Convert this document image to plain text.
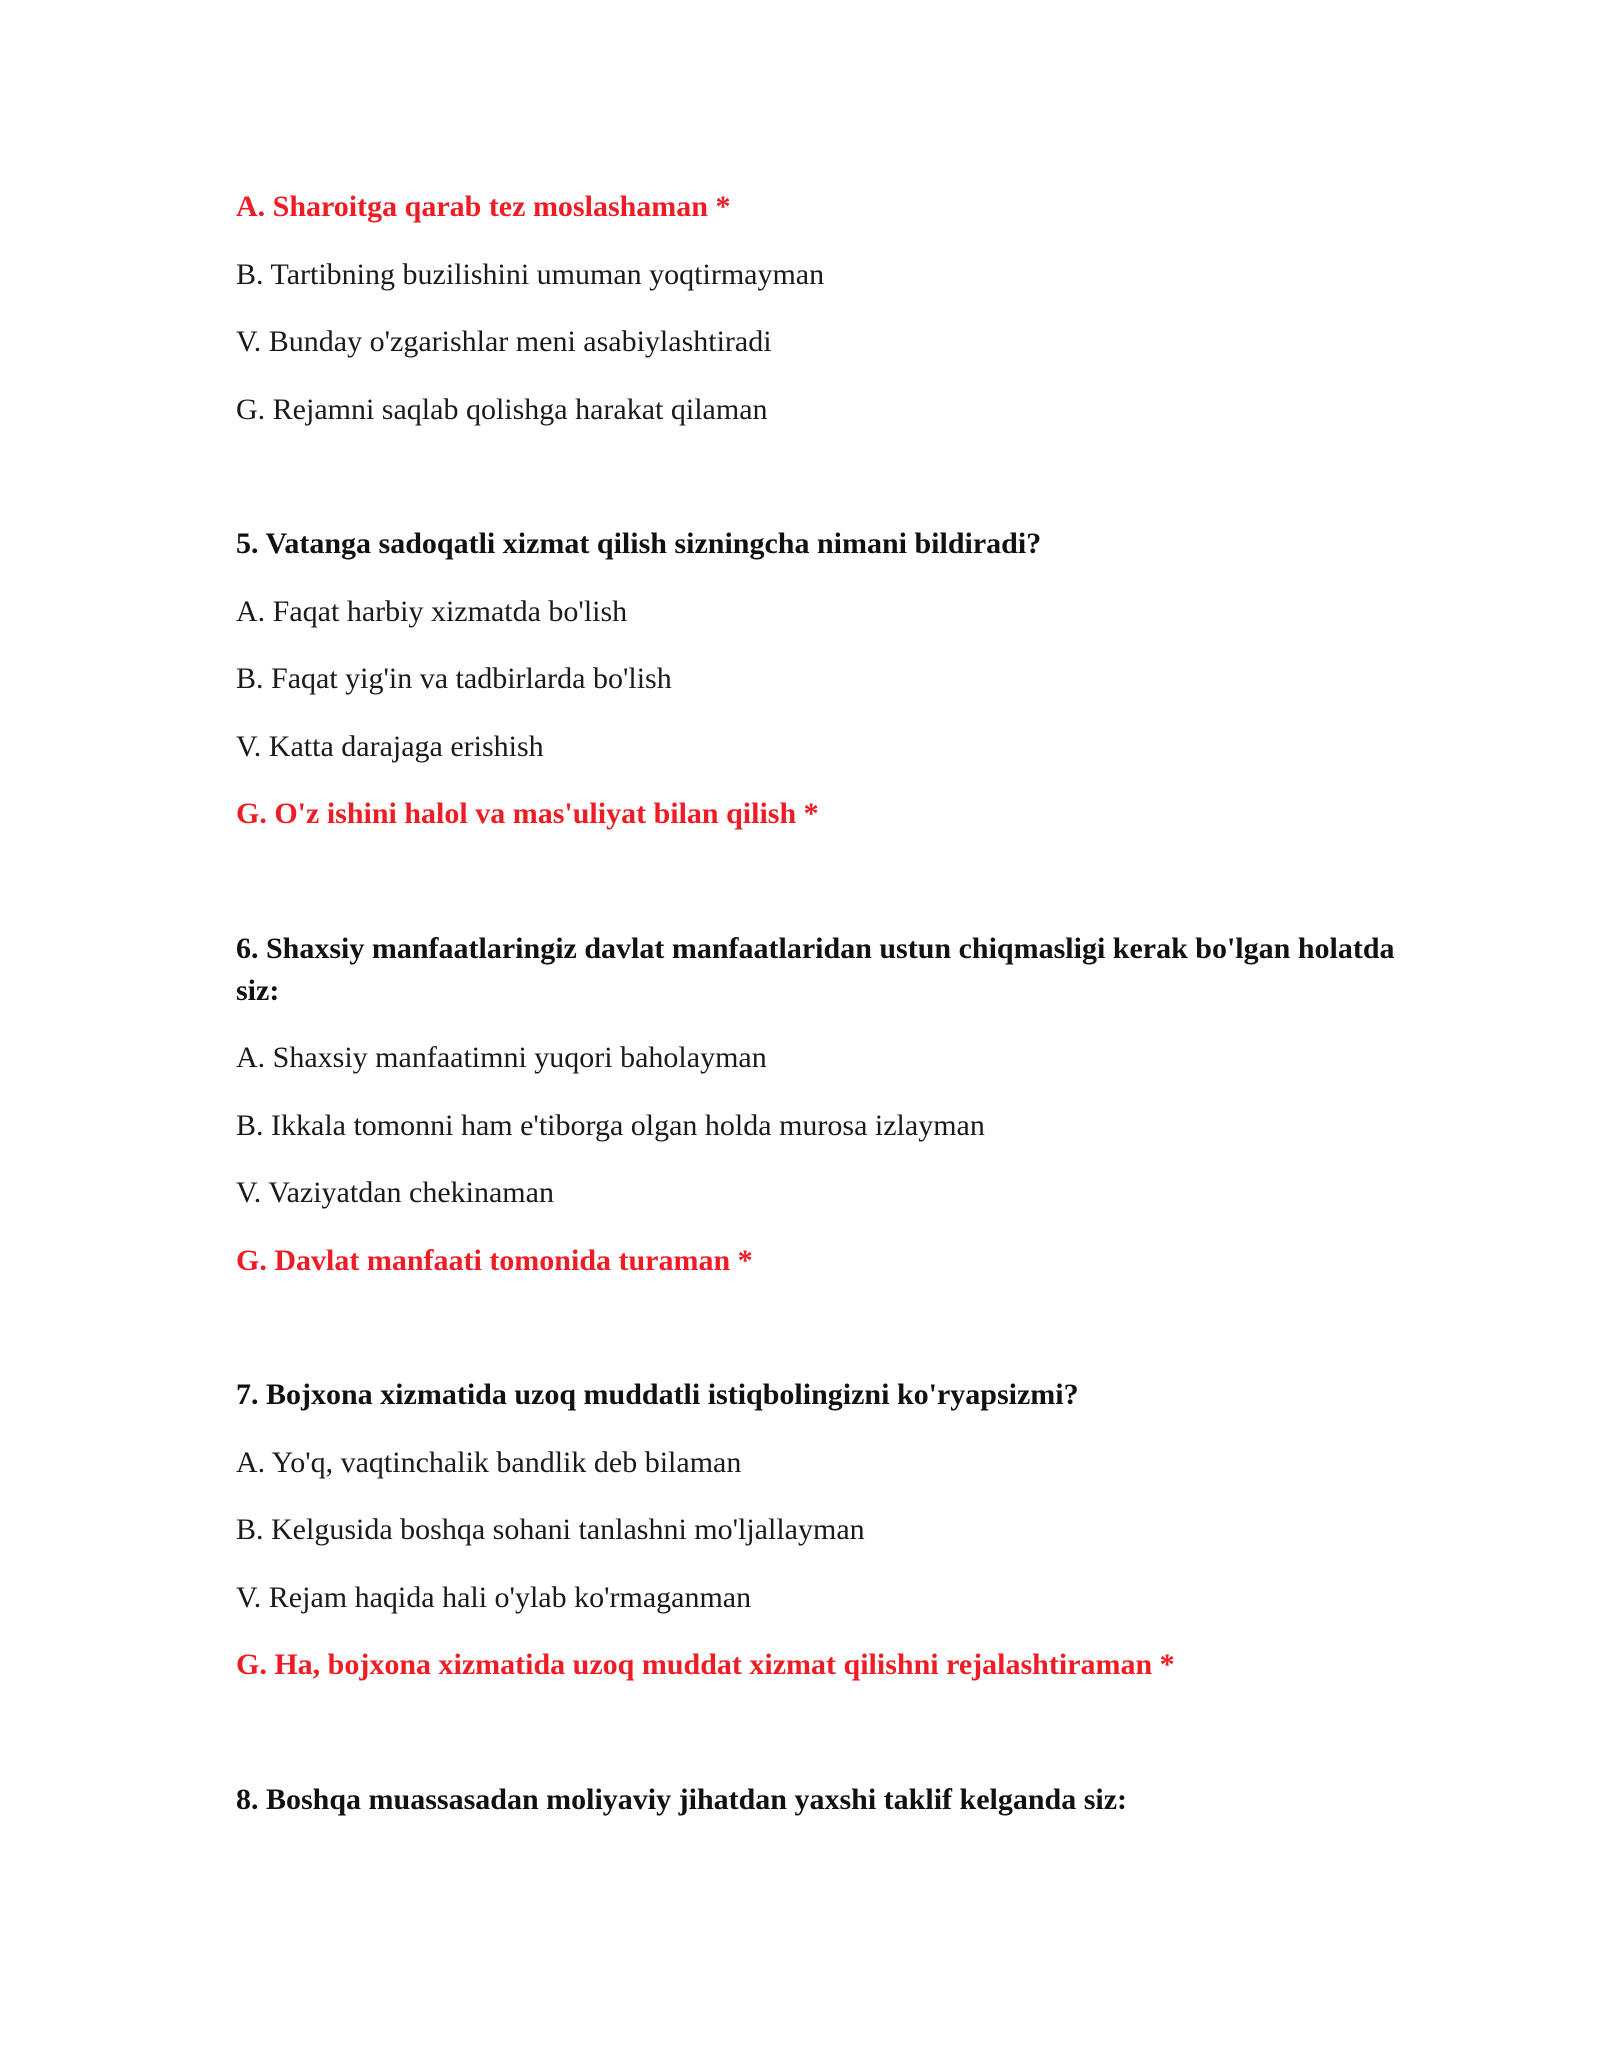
A. Sharoitga qarab tez moslashaman *

B. Tartibning buzilishini umuman yoqtirmayman

V. Bunday o'zgarishlar meni asabiylashtiradi

G. Rejamni saqlab qolishga harakat qilaman

5. Vatanga sadoqatli xizmat qilish sizningcha nimani bildiradi?

A. Faqat harbiy xizmatda bo'lish

B. Faqat yig'in va tadbirlarda bo'lish

V. Katta darajaga erishish

G. O'z ishini halol va mas'uliyat bilan qilish *

6. Shaxsiy manfaatlaringiz davlat manfaatlaridan ustun chiqmasligi kerak bo'lgan holatda siz:

A. Shaxsiy manfaatimni yuqori baholayman

B. Ikkala tomonni ham e'tiborga olgan holda murosa izlayman

V. Vaziyatdan chekinaman

G. Davlat manfaati tomonida turaman *

7. Bojxona xizmatida uzoq muddatli istiqbolingizni ko'ryapsizmi?

A. Yo'q, vaqtinchalik bandlik deb bilaman

B. Kelgusida boshqa sohani tanlashni mo'ljallayman

V. Rejam haqida hali o'ylab ko'rmaganman

G. Ha, bojxona xizmatida uzoq muddat xizmat qilishni rejalashtiraman *

8. Boshqa muassasadan moliyaviy jihatdan yaxshi taklif kelganda siz:
